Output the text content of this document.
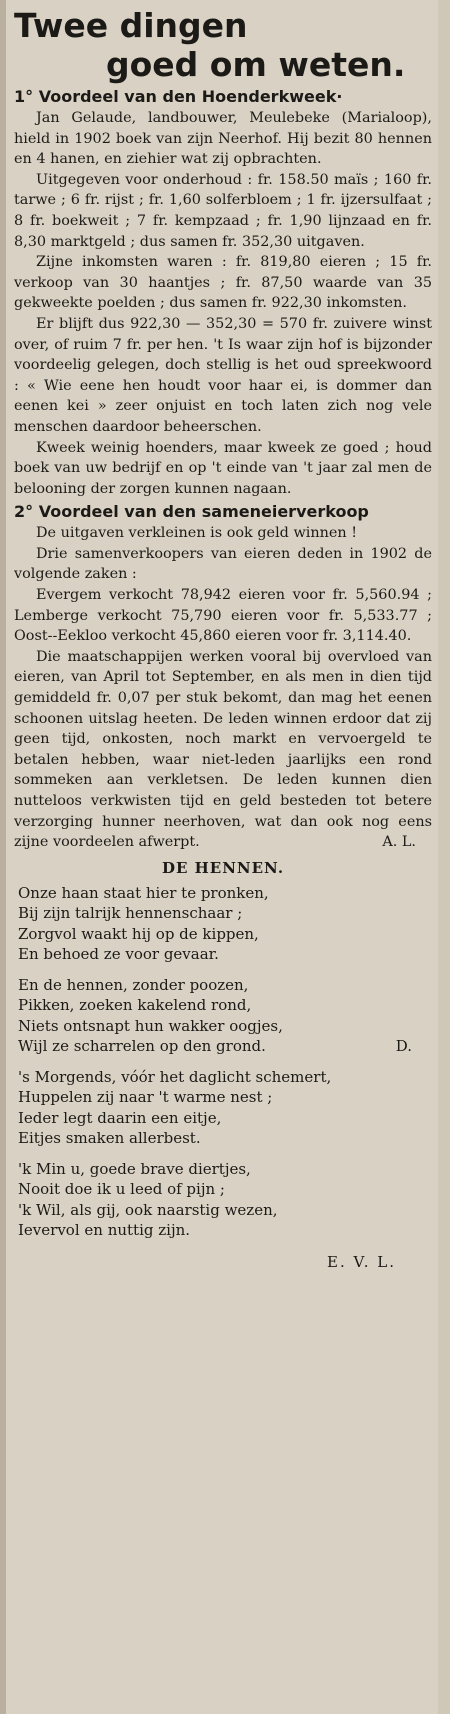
Twee dingen
goed om weten.
1° Voordeel van den Hoenderkweek·

Jan Gelaude, landbouwer, Meulebeke (Marialoop), hield in 1902 boek van zijn Neerhof. Hij bezit 80 hennen en 4 hanen, en ziehier wat zij opbrachten.

Uitgegeven voor onderhoud : fr. 158.50 maïs ; 160 fr. tarwe ; 6 fr. rijst ; fr. 1,60 solferbloem ; 1 fr. ijzersulfaat ; 8 fr. boekweit ; 7 fr. kempzaad ; fr. 1,90 lijnzaad en fr. 8,30 marktgeld ; dus samen fr. 352,30 uitgaven.

Zijne inkomsten waren : fr. 819,80 eieren ; 15 fr. verkoop van 30 haantjes ; fr. 87,50 waarde van 35 gekweekte poelden ; dus samen fr. 922,30 inkomsten.

Er blijft dus 922,30 — 352,30 = 570 fr. zuivere winst over, of ruim 7 fr. per hen. 't Is waar zijn hof is bijzonder voordeelig gelegen, doch stellig is het oud spreekwoord : « Wie eene hen houdt voor haar ei, is dommer dan eenen kei » zeer onjuist en toch laten zich nog vele menschen daardoor beheerschen.

Kweek weinig hoenders, maar kweek ze goed ; houd boek van uw bedrijf en op 't einde van 't jaar zal men de belooning der zorgen kunnen nagaan.

2° Voordeel van den sameneierverkoop

De uitgaven verkleinen is ook geld winnen !

Drie samenverkoopers van eieren deden in 1902 de volgende zaken :

Evergem verkocht 78,942 eieren voor fr. 5,560.94 ; Lemberge verkocht 75,790 eieren voor fr. 5,533.77 ; Oost--Eekloo verkocht 45,860 eieren voor fr. 3,114.40.

Die maatschappijen werken vooral bij overvloed van eieren, van April tot September, en als men in dien tijd gemiddeld fr. 0,07 per stuk bekomt, dan mag het eenen schoonen uitslag heeten. De leden winnen erdoor dat zij geen tijd, onkosten, noch markt en vervoergeld te betalen hebben, waar niet-leden jaarlijks een rond sommeken aan verkletsen. De leden kunnen dien nutteloos verkwisten tijd en geld besteden tot betere verzorging hunner neerhoven, wat dan ook nog eens zijne voordeelen afwerpt.	A. L.

DE HENNEN.
Onze haan staat hier te pronken,
Bij zijn talrijk hennenschaar ;
Zorgvol waakt hij op de kippen,
En behoed ze voor gevaar.
En de hennen, zonder poozen,
Pikken, zoeken kakelend rond,
Niets ontsnapt hun wakker oogjes,
Wijl ze scharrelen op den grond.	D.
's Morgends, vóór het daglicht schemert,
Huppelen zij naar 't warme nest ;
Ieder legt daarin een eitje,
Eitjes smaken allerbest.
'k Min u, goede brave diertjes,
Nooit doe ik u leed of pijn ;
'k Wil, als gij, ook naarstig wezen,
Ievervol en nuttig zijn.
E. V. L.
